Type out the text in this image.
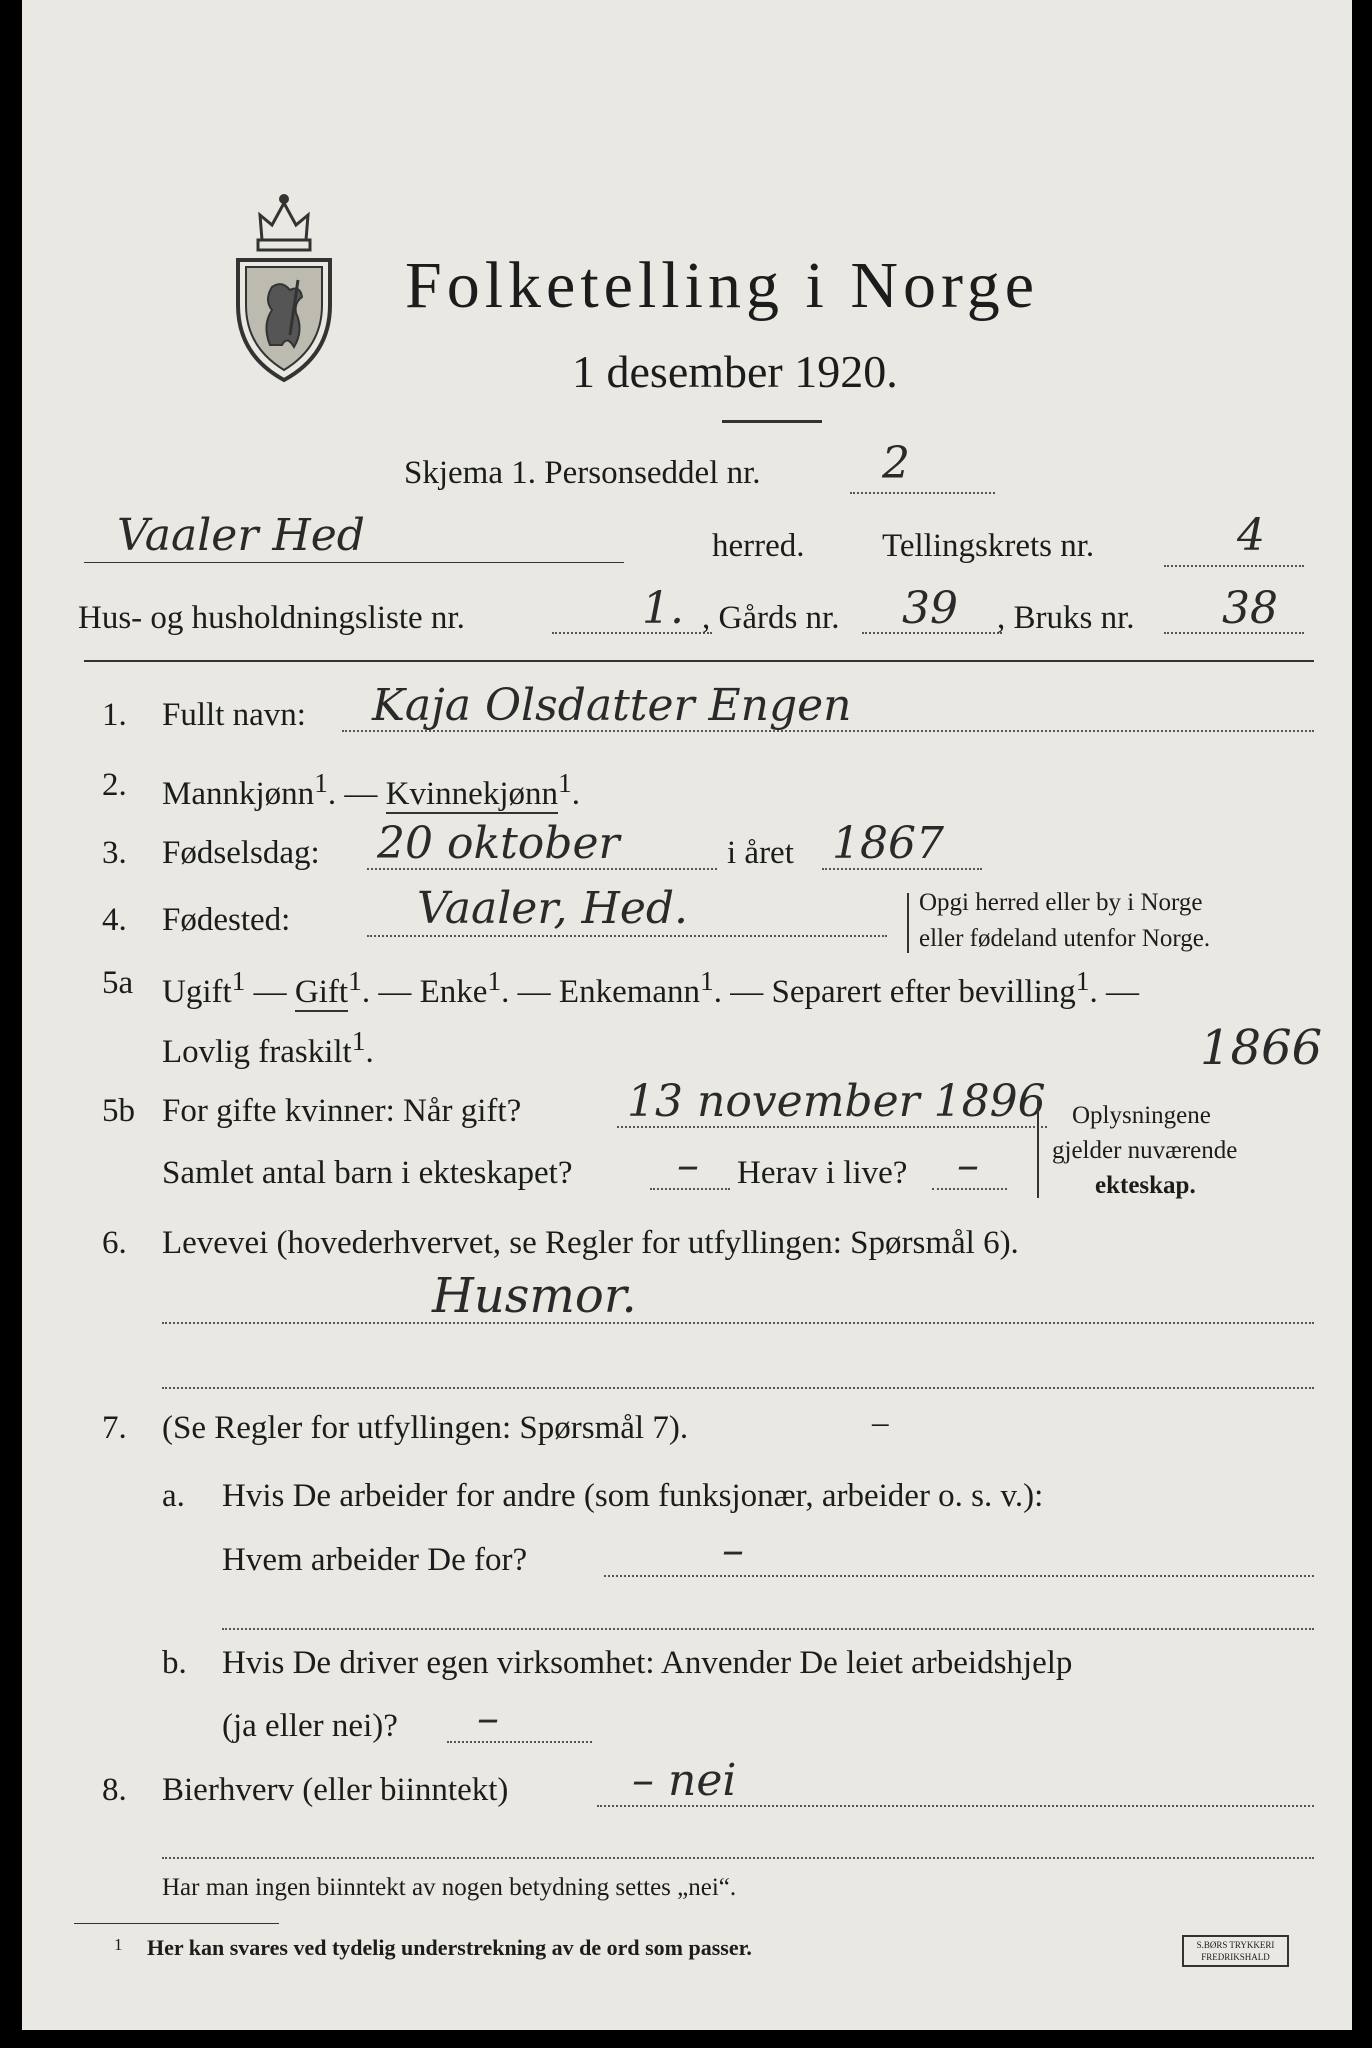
Folketelling i Norge
1 desember 1920.
Skjema 1. Personseddel nr.	2
Vaaler Hed	herred. Tellingskrets nr.	4
Hus- og husholdningsliste nr.	1. , Gårds nr. 39 , Bruks nr. 38
1. Fullt navn: Kaja Olsdatter Engen
2. Mannkjønn$^1$. — Kvinnekjønn$^1$.
3. Fødselsdag: 20 oktober	i året 1867
4. Fødested:	Vaaler, Hed.	Opgi herred eller by i Norge
eller fødeland utenfor Norge.
5a Ugift$^1$ — Gift$^1$. — Enke$^1$. — Enkemann$^1$. — Separert efter bevilling$^1$. —
Lovlig fraskilt$^1$.	1866
5b For gifte kvinner: Når gift? 13 november 1896
Samlet antal barn i ekteskapet? – Herav i live? –
Oplysningene
gjelder nuværende
ekteskap.
6. Levevei (hovederhvervet, se Regler for utfyllingen: Spørsmål 6).
Husmor.
7. (Se Regler for utfyllingen: Spørsmål 7).	–
a. Hvis De arbeider for andre (som funksjonær, arbeider o. s. v.):
Hvem arbeider De for?	–
b. Hvis De driver egen virksomhet: Anvender De leiet arbeidshjelp
(ja eller nei)? –
8. Bierhverv (eller biinntekt)	– nei
Har man ingen biinntekt av nogen betydning settes „nei“.
1 Her kan svares ved tydelig understrekning av de ord som passer.	S.BØRS TRYKKERI
FREDRIKSHALD
